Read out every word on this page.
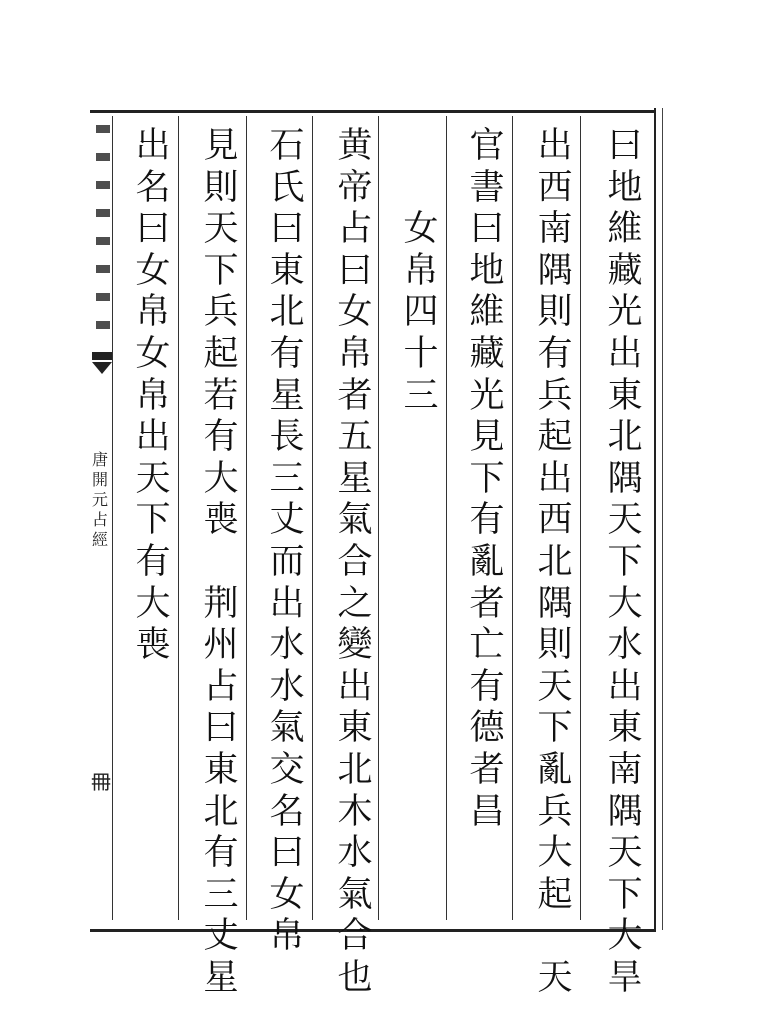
唐
開
元
占
經
𠕋
曰
地
維
藏
光
出
東
北
隅
天
下
大
水
出
東
南
隅
天
下
大
旱
出
西
南
隅
則
有
兵
起
出
西
北
隅
則
天
下
亂
兵
大
起

天
官
書
曰
地
維
藏
光
見
下
有
亂
者
亡
有
德
者
昌

女
帛
四
十
三
黄
帝
占
曰
女
帛
者
五
星
氣
合
之
變
出
東
北
木
水
氣
合
也
石
氏
曰
東
北
有
星
長
三
丈
而
出
水
水
氣
交
名
曰
女
帛
見
則
天
下
兵
起
若
有
大
喪

荆
州
占
曰
東
北
有
三
丈
星
出
名
曰
女
帛
女
帛
出
天
下
有
大
喪
